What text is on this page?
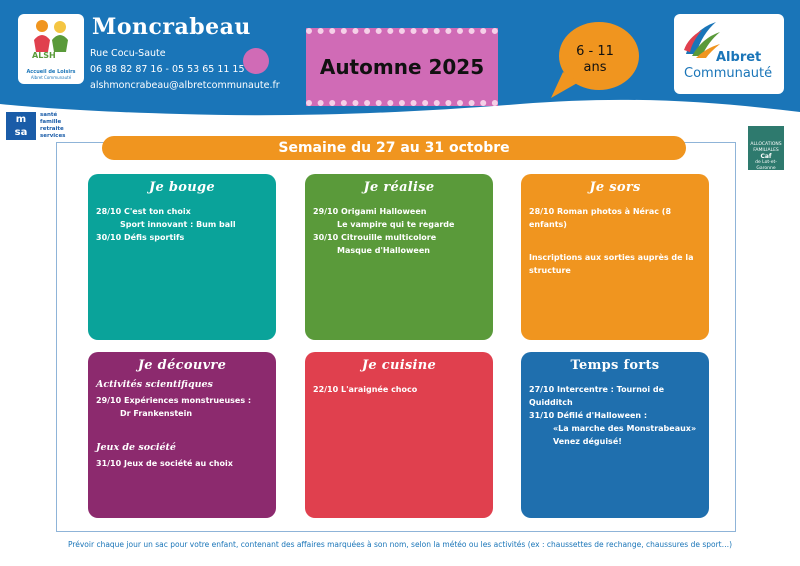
ALSH
Accueil de Loisirs
Albret Communauté
Moncrabeau
Rue Cocu-Saute
06 88 82 87 16 - 05 53 65 11 15
alshmoncrabeau@albretcommunaute.fr
Automne 2025
6 - 11
ans
Albret
Communauté
m
sa
santé
famille
retraite
services
ALLOCATIONS
FAMILIALES
Caf
de Lot-et-Garonne
Semaine du 27 au 31 octobre
Je bouge
28/10 C'est ton choix
Sport innovant : Bum ball
30/10 Défis sportifs
Je réalise
29/10 Origami Halloween
Le vampire qui te regarde
30/10 Citrouille multicolore
Masque d'Halloween
Je sors
28/10 Roman photos à Nérac (8 enfants)
Inscriptions aux sorties auprès de la structure
Je découvre
Activités scientifiques
29/10 Expériences monstrueuses :
Dr Frankenstein
Jeux de société
31/10 Jeux de société au choix
Je cuisine
22/10 L'araignée choco
Temps forts
27/10 Intercentre : Tournoi de Quidditch
31/10 Défilé d'Halloween :
«La marche des Monstrabeaux»
Venez déguisé!
Prévoir chaque jour un sac pour votre enfant, contenant des affaires marquées à son nom, selon la météo ou les activités (ex : chaussettes de rechange, chaussures de sport…)
